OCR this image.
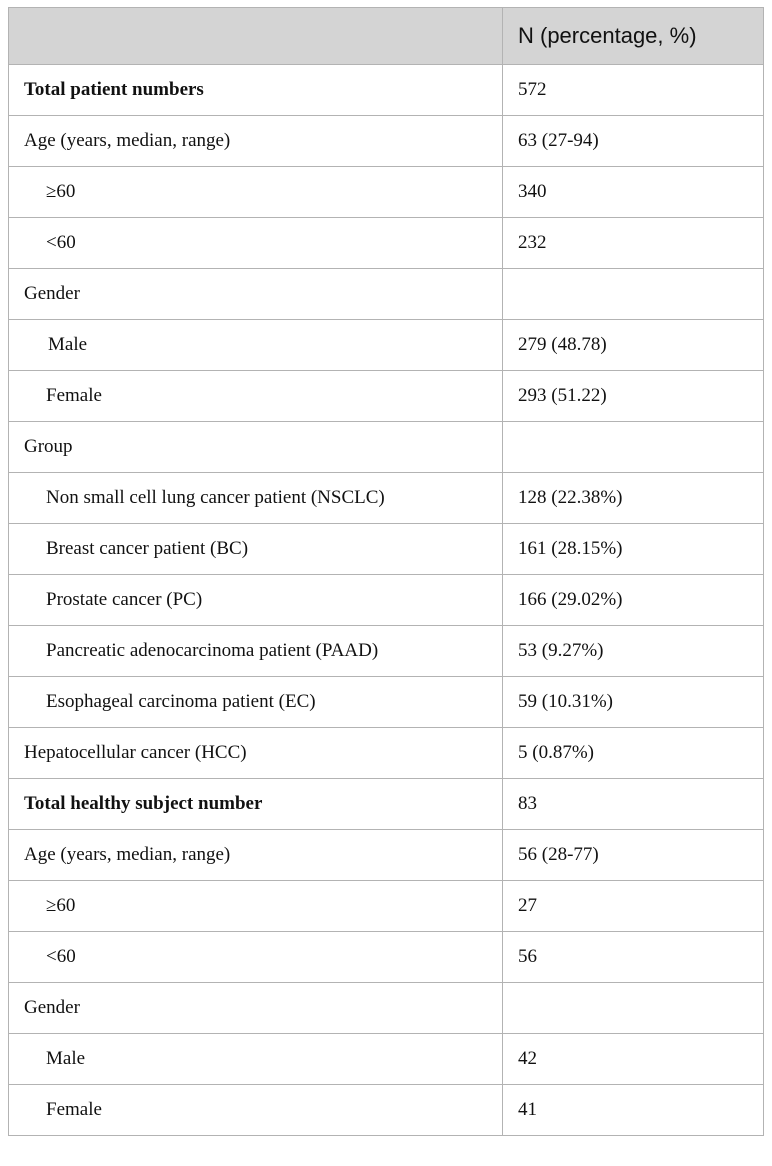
	N (percentage, %)
Total patient numbers	572
Age (years, median, range)	63 (27-94)
≥60	340
<60	232
Gender	
Male	279 (48.78)
Female	293 (51.22)
Group	
Non small cell lung cancer patient (NSCLC)	128 (22.38%)
Breast cancer patient (BC)	161 (28.15%)
Prostate cancer (PC)	166 (29.02%)
Pancreatic adenocarcinoma patient (PAAD)	53 (9.27%)
Esophageal carcinoma patient (EC)	59 (10.31%)
Hepatocellular cancer (HCC)	5 (0.87%)
Total healthy subject number	83
Age (years, median, range)	56 (28-77)
≥60	27
<60	56
Gender	
Male	42
Female	41
